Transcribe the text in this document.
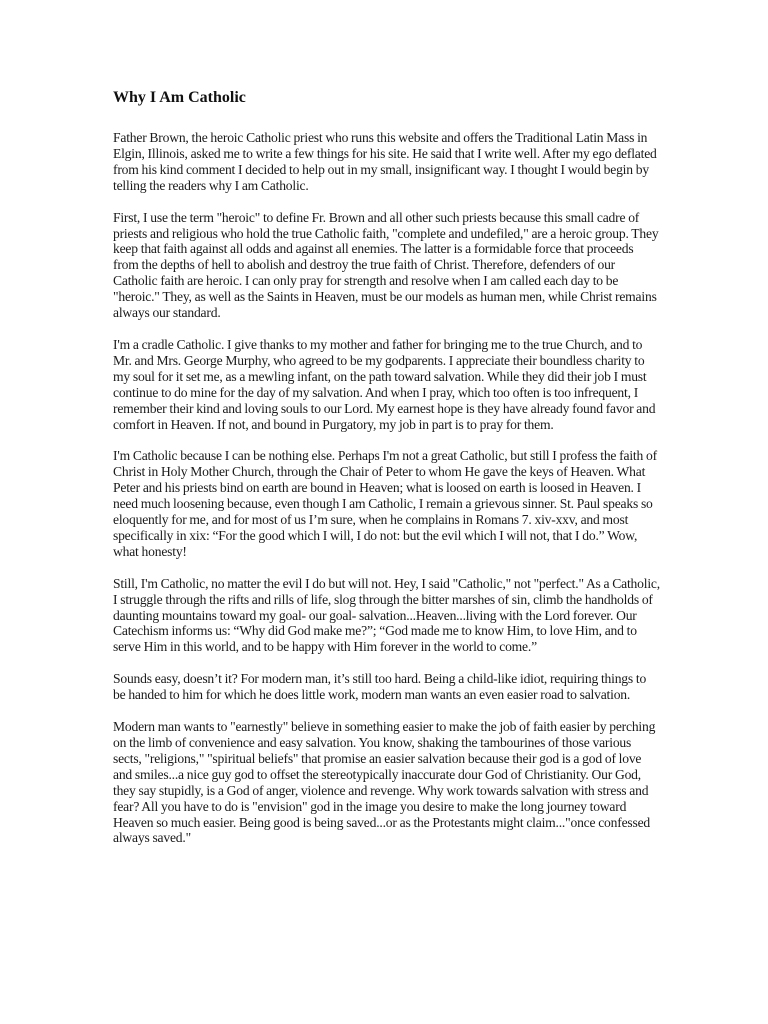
Why I Am Catholic

Father Brown, the heroic Catholic priest who runs this website and offers the Traditional Latin Mass in Elgin, Illinois, asked me to write a few things for his site. He said that I write well. After my ego deflated from his kind comment I decided to help out in my small, insignificant way. I thought I would begin by telling the readers why I am Catholic.

First, I use the term "heroic" to define Fr. Brown and all other such priests because this small cadre of priests and religious who hold the true Catholic faith, "complete and undefiled," are a heroic group. They keep that faith against all odds and against all enemies. The latter is a formidable force that proceeds from the depths of hell to abolish and destroy the true faith of Christ. Therefore, defenders of our Catholic faith are heroic. I can only pray for strength and resolve when I am called each day to be "heroic." They, as well as the Saints in Heaven, must be our models as human men, while Christ remains always our standard.

I'm a cradle Catholic. I give thanks to my mother and father for bringing me to the true Church, and to Mr. and Mrs. George Murphy, who agreed to be my godparents. I appreciate their boundless charity to my soul for it set me, as a mewling infant, on the path toward salvation. While they did their job I must continue to do mine for the day of my salvation. And when I pray, which too often is too infrequent, I remember their kind and loving souls to our Lord. My earnest hope is they have already found favor and comfort in Heaven. If not, and bound in Purgatory, my job in part is to pray for them.

I'm Catholic because I can be nothing else. Perhaps I'm not a great Catholic, but still I profess the faith of Christ in Holy Mother Church, through the Chair of Peter to whom He gave the keys of Heaven. What Peter and his priests bind on earth are bound in Heaven; what is loosed on earth is loosed in Heaven. I need much loosening because, even though I am Catholic, I remain a grievous sinner. St. Paul speaks so eloquently for me, and for most of us I’m sure, when he complains in Romans 7. xiv-xxv, and most specifically in xix: “For the good which I will, I do not: but the evil which I will not, that I do.” Wow, what honesty!

Still, I'm Catholic, no matter the evil I do but will not. Hey, I said "Catholic," not "perfect." As a Catholic, I struggle through the rifts and rills of life, slog through the bitter marshes of sin, climb the handholds of daunting mountains toward my goal- our goal- salvation...Heaven...living with the Lord forever. Our Catechism informs us: “Why did God make me?”; “God made me to know Him, to love Him, and to serve Him in this world, and to be happy with Him forever in the world to come.”

Sounds easy, doesn’t it? For modern man, it’s still too hard. Being a child-like idiot, requiring things to be handed to him for which he does little work, modern man wants an even easier road to salvation.

Modern man wants to "earnestly" believe in something easier to make the job of faith easier by perching on the limb of convenience and easy salvation. You know, shaking the tambourines of those various sects, "religions," "spiritual beliefs" that promise an easier salvation because their god is a god of love and smiles...a nice guy god to offset the stereotypically inaccurate dour God of Christianity. Our God, they say stupidly, is a God of anger, violence and revenge. Why work towards salvation with stress and fear? All you have to do is "envision" god in the image you desire to make the long journey toward Heaven so much easier. Being good is being saved...or as the Protestants might claim..."once confessed always saved."
